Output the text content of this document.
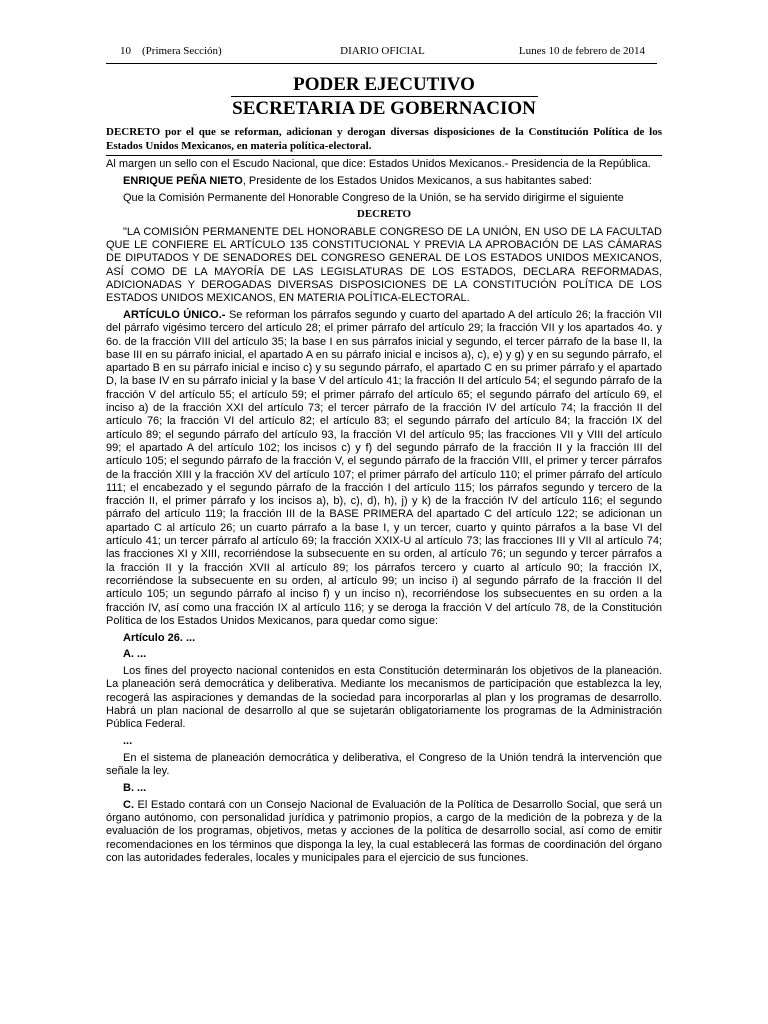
10 (Primera Sección)	DIARIO OFICIAL	Lunes 10 de febrero de 2014
PODER EJECUTIVO
SECRETARIA DE GOBERNACION
DECRETO por el que se reforman, adicionan y derogan diversas disposiciones de la Constitución Política de los Estados Unidos Mexicanos, en materia política-electoral.

Al margen un sello con el Escudo Nacional, que dice: Estados Unidos Mexicanos.- Presidencia de la República.

ENRIQUE PEÑA NIETO, Presidente de los Estados Unidos Mexicanos, a sus habitantes sabed:

Que la Comisión Permanente del Honorable Congreso de la Unión, se ha servido dirigirme el siguiente

DECRETO

"LA COMISIÓN PERMANENTE DEL HONORABLE CONGRESO DE LA UNIÓN, EN USO DE LA FACULTAD QUE LE CONFIERE EL ARTÍCULO 135 CONSTITUCIONAL Y PREVIA LA APROBACIÓN DE LAS CÁMARAS DE DIPUTADOS Y DE SENADORES DEL CONGRESO GENERAL DE LOS ESTADOS UNIDOS MEXICANOS, ASÍ COMO DE LA MAYORÍA DE LAS LEGISLATURAS DE LOS ESTADOS, DECLARA REFORMADAS, ADICIONADAS Y DEROGADAS DIVERSAS DISPOSICIONES DE LA CONSTITUCIÓN POLÍTICA DE LOS ESTADOS UNIDOS MEXICANOS, EN MATERIA POLÍTICA-ELECTORAL.

ARTÍCULO ÚNICO.- Se reforman los párrafos segundo y cuarto del apartado A del artículo 26; la fracción VII del párrafo vigésimo tercero del artículo 28; el primer párrafo del artículo 29; la fracción VII y los apartados 4o. y 6o. de la fracción VIII del artículo 35; la base I en sus párrafos inicial y segundo, el tercer párrafo de la base II, la base III en su párrafo inicial, el apartado A en su párrafo inicial e incisos a), c), e) y g) y en su segundo párrafo, el apartado B en su párrafo inicial e inciso c) y su segundo párrafo, el apartado C en su primer párrafo y el apartado D, la base IV en su párrafo inicial y la base V del artículo 41; la fracción II del artículo 54; el segundo párrafo de la fracción V del artículo 55; el artículo 59; el primer párrafo del artículo 65; el segundo párrafo del artículo 69, el inciso a) de la fracción XXI del artículo 73; el tercer párrafo de la fracción IV del artículo 74; la fracción II del artículo 76; la fracción VI del artículo 82; el artículo 83; el segundo párrafo del artículo 84; la fracción IX del artículo 89; el segundo párrafo del artículo 93, la fracción VI del artículo 95; las fracciones VII y VIII del artículo 99; el apartado A del artículo 102; los incisos c) y f) del segundo párrafo de la fracción II y la fracción III del artículo 105; el segundo párrafo de la fracción V, el segundo párrafo de la fracción VIII, el primer y tercer párrafos de la fracción XIII y la fracción XV del artículo 107; el primer párrafo del artículo 110; el primer párrafo del artículo 111; el encabezado y el segundo párrafo de la fracción I del artículo 115; los párrafos segundo y tercero de la fracción II, el primer párrafo y los incisos a), b), c), d), h), j) y k) de la fracción IV del artículo 116; el segundo párrafo del artículo 119; la fracción III de la BASE PRIMERA del apartado C del artículo 122; se adicionan un apartado C al artículo 26; un cuarto párrafo a la base I, y un tercer, cuarto y quinto párrafos a la base VI del artículo 41; un tercer párrafo al artículo 69; la fracción XXIX-U al artículo 73; las fracciones III y VII al artículo 74; las fracciones XI y XIII, recorriéndose la subsecuente en su orden, al artículo 76; un segundo y tercer párrafos a la fracción II y la fracción XVII al artículo 89; los párrafos tercero y cuarto al artículo 90; la fracción IX, recorriéndose la subsecuente en su orden, al artículo 99; un inciso i) al segundo párrafo de la fracción II del artículo 105; un segundo párrafo al inciso f) y un inciso n), recorriéndose los subsecuentes en su orden a la fracción IV, así como una fracción IX al artículo 116; y se deroga la fracción V del artículo 78, de la Constitución Política de los Estados Unidos Mexicanos, para quedar como sigue:

Artículo 26. ...

A. ...

Los fines del proyecto nacional contenidos en esta Constitución determinarán los objetivos de la planeación. La planeación será democrática y deliberativa. Mediante los mecanismos de participación que establezca la ley, recogerá las aspiraciones y demandas de la sociedad para incorporarlas al plan y los programas de desarrollo. Habrá un plan nacional de desarrollo al que se sujetarán obligatoriamente los programas de la Administración Pública Federal.

...

En el sistema de planeación democrática y deliberativa, el Congreso de la Unión tendrá la intervención que señale la ley.

B. ...

C. El Estado contará con un Consejo Nacional de Evaluación de la Política de Desarrollo Social, que será un órgano autónomo, con personalidad jurídica y patrimonio propios, a cargo de la medición de la pobreza y de la evaluación de los programas, objetivos, metas y acciones de la política de desarrollo social, así como de emitir recomendaciones en los términos que disponga la ley, la cual establecerá las formas de coordinación del órgano con las autoridades federales, locales y municipales para el ejercicio de sus funciones.
